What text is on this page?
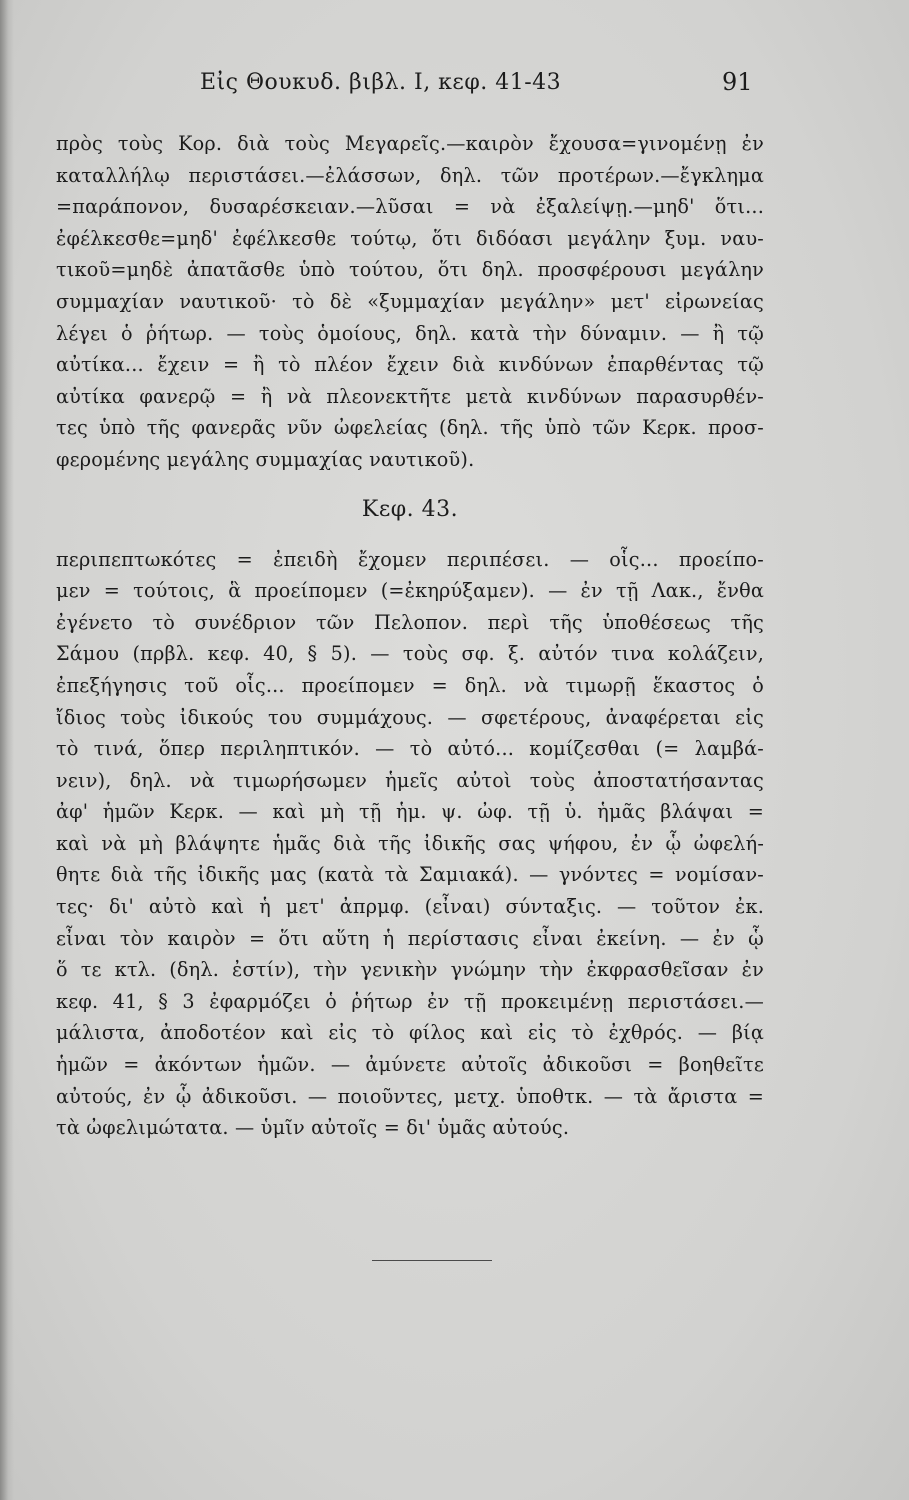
Εἰς Θουκυδ. βιβλ. Ι, κεφ. 41-43	91
πρὸς τοὺς Κορ. διὰ τοὺς Μεγαρεῖς.—καιρὸν ἔχουσα=γινομένῃ ἐν
καταλλήλῳ περιστάσει.—ἐλάσσων, δηλ. τῶν προτέρων.—ἔγκλημα
=παράπονον, δυσαρέσκειαν.—λῦσαι = νὰ ἐξαλείψῃ.—μηδ' ὅτι...
ἐφέλκεσθε=μηδ' ἐφέλκεσθε τούτῳ, ὅτι διδόασι μεγάλην ξυμ. ναυ-
τικοῦ=μηδὲ ἀπατᾶσθε ὑπὸ τούτου, ὅτι δηλ. προσφέρουσι μεγάλην
συμμαχίαν ναυτικοῦ· τὸ δὲ «ξυμμαχίαν μεγάλην» μετ' εἰρωνείας
λέγει ὁ ῥήτωρ. — τοὺς ὁμοίους, δηλ. κατὰ τὴν δύναμιν. — ἢ τῷ
αὐτίκα... ἔχειν = ἢ τὸ πλέον ἔχειν διὰ κινδύνων ἐπαρθέντας τῷ
αὐτίκα φανερῷ = ἢ νὰ πλεονεκτῆτε μετὰ κινδύνων παρασυρθέν-
τες ὑπὸ τῆς φανερᾶς νῦν ὠφελείας (δηλ. τῆς ὑπὸ τῶν Κερκ. προσ-
φερομένης μεγάλης συμμαχίας ναυτικοῦ).
Κεφ. 43.
περιπεπτωκότες = ἐπειδὴ ἔχομεν περιπέσει. — οἷς... προείπο-
μεν = τούτοις, ἃ προείπομεν (=ἐκηρύξαμεν). — ἐν τῇ Λακ., ἔνθα
ἐγένετο τὸ συνέδριον τῶν Πελοπον. περὶ τῆς ὑποθέσεως τῆς
Σάμου (πρβλ. κεφ. 40, § 5). — τοὺς σφ. ξ. αὐτόν τινα κολάζειν,
ἐπεξήγησις τοῦ οἷς... προείπομεν = δηλ. νὰ τιμωρῇ ἕκαστος ὁ
ἴδιος τοὺς ἰδικούς του συμμάχους. — σφετέρους, ἀναφέρεται εἰς
τὸ τινά, ὅπερ περιληπτικόν. — τὸ αὐτό... κομίζεσθαι (= λαμβά-
νειν), δηλ. νὰ τιμωρήσωμεν ἡμεῖς αὐτοὶ τοὺς ἀποστατήσαντας
ἀφ' ἡμῶν Κερκ. — καὶ μὴ τῇ ἡμ. ψ. ὠφ. τῇ ὑ. ἡμᾶς βλάψαι =
καὶ νὰ μὴ βλάψητε ἡμᾶς διὰ τῆς ἰδικῆς σας ψήφου, ἐν ᾧ ὠφελή-
θητε διὰ τῆς ἰδικῆς μας (κατὰ τὰ Σαμιακά). — γνόντες = νομίσαν-
τες· δι' αὐτὸ καὶ ἡ μετ' ἀπρμφ. (εἶναι) σύνταξις. — τοῦτον ἐκ.
εἶναι τὸν καιρὸν = ὅτι αὕτη ἡ περίστασις εἶναι ἐκείνη. — ἐν ᾧ
ὅ τε κτλ. (δηλ. ἐστίν), τὴν γενικὴν γνώμην τὴν ἐκφρασθεῖσαν ἐν
κεφ. 41, § 3 ἐφαρμόζει ὁ ῥήτωρ ἐν τῇ προκειμένῃ περιστάσει.—
μάλιστα, ἀποδοτέον καὶ εἰς τὸ φίλος καὶ εἰς τὸ ἐχθρός. — βίᾳ
ἡμῶν = ἀκόντων ἡμῶν. — ἀμύνετε αὐτοῖς ἀδικοῦσι = βοηθεῖτε
αὐτούς, ἐν ᾧ ἀδικοῦσι. — ποιοῦντες, μετχ. ὑποθτκ. — τὰ ἄριστα =
τὰ ὠφελιμώτατα. — ὑμῖν αὐτοῖς = δι' ὑμᾶς αὐτούς.
